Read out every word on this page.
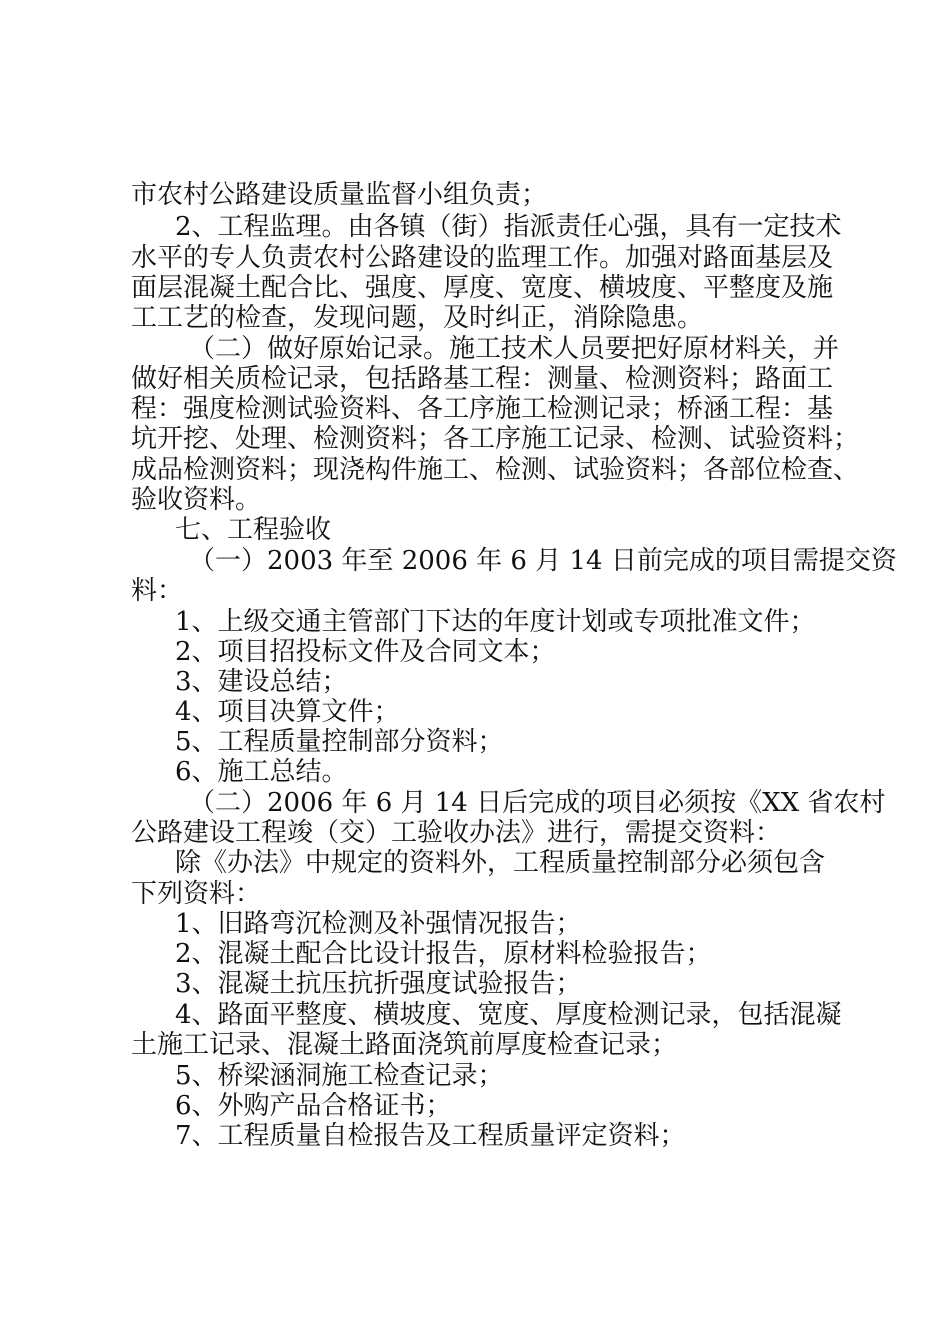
市农村公路建设质量监督小组负责；
2、工程监理。由各镇（街）指派责任心强，具有一定技术
水平的专人负责农村公路建设的监理工作。加强对路面基层及
面层混凝土配合比、强度、厚度、宽度、横坡度、平整度及施
工工艺的检查，发现问题，及时纠正，消除隐患。
（二）做好原始记录。施工技术人员要把好原材料关，并
做好相关质检记录，包括路基工程：测量、检测资料；路面工
程：强度检测试验资料、各工序施工检测记录；桥涵工程：基
坑开挖、处理、检测资料；各工序施工记录、检测、试验资料；
成品检测资料；现浇构件施工、检测、试验资料；各部位检查、
验收资料。
七、工程验收
（一）2003 年至 2006 年 6 月 14 日前完成的项目需提交资
料：
1、上级交通主管部门下达的年度计划或专项批准文件；
2、项目招投标文件及合同文本；
3、建设总结；
4、项目决算文件；
5、工程质量控制部分资料；
6、施工总结。
（二）2006 年 6 月 14 日后完成的项目必须按《XX 省农村
公路建设工程竣（交）工验收办法》进行，需提交资料：
除《办法》中规定的资料外，工程质量控制部分必须包含
下列资料：
1、旧路弯沉检测及补强情况报告；
2、混凝土配合比设计报告，原材料检验报告；
3、混凝土抗压抗折强度试验报告；
4、路面平整度、横坡度、宽度、厚度检测记录，包括混凝
土施工记录、混凝土路面浇筑前厚度检查记录；
5、桥梁涵洞施工检查记录；
6、外购产品合格证书；
7、工程质量自检报告及工程质量评定资料；
